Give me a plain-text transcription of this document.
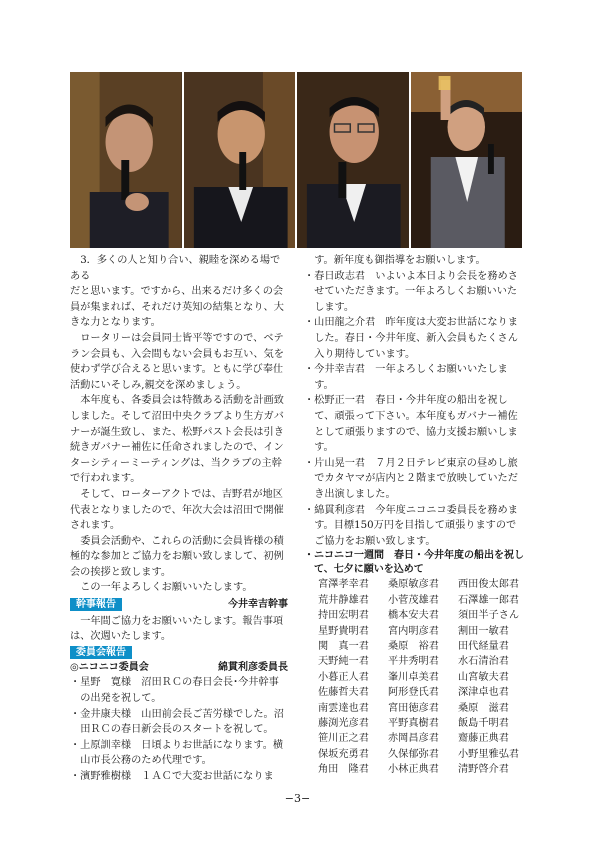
3．多くの人と知り合い、親睦を深める場である

だと思います。ですから、出来るだけ多くの会員が集まれば、それだけ英知の結集となり、大きな力となります。

ロータリーは会員同士皆平等ですので、ベテラン会員も、入会間もない会員もお互い、気を使わず学び合えると思います。ともに学び奉仕活動にいそしみ,親交を深めましょう。

本年度も、各委員会は特徴ある活動を計画致しました。そして沼田中央クラブより生方ガバナーが誕生致し、また、松野パスト会長は引き続きガバナー補佐に任命されましたので、インターシティーミーティングは、当クラブの主幹で行われます。

そして、ローターアクトでは、吉野君が地区代表となりましたので、年次大会は沼田で開催されます。

委員会活動や、これらの活動に会員皆様の積極的な参加とご協力をお願い致しまして、初例会の挨拶と致します。

この一年よろしくお願いいたします。

幹事報告	今井幸吉幹事

一年間ご協力をお願いいたします。報告事項は、次週いたします。

委員会報告
◎ニコニコ委員会	綿貫利彦委員長

・星野　寛様　沼田ＲＣの春日会長･今井幹事の出発を祝して。

・金井康夫様　山田前会長ご苦労様でした。沼田ＲＣの春日新会長のスタートを祝して。

・上原訓幸様　日頃よりお世話になります。横山市長公務のため代理です。

・濱野雅樹様　１ＡＣで大変お世話になりま

す。新年度も御指導をお願いします。

・春日政志君　いよいよ本日より会長を務めさせていただきます。一年よろしくお願いいたします。

・山田龍之介君　昨年度は大変お世話になりました。春日・今井年度、新入会員もたくさん入り期待しています。

・今井幸吉君　一年よろしくお願いいたします。

・松野正一君　春日・今井年度の船出を祝して、頑張って下さい。本年度もガバナー補佐として頑張りますので、協力支援お願いします。

・片山晃一君　７月２日テレビ東京の昼めし旅でカタヤマが店内と２階まで放映していただき出演しました。

・綿貫利彦君　今年度ニコニコ委員長を務めます。目標150万円を目指して頑張りますのでご協力をお願い致します。

・ニコニコ一週間　春日・今井年度の船出を祝して、七夕に願いを込めて

宮澤孝幸君	桑原敏彦君	西田俊太郎君
荒井静雄君	小菅茂雄君	石澤雄一郎君
持田宏明君	橋本安夫君	須田半子さん
星野貴明君	宮内明彦君	割田一敏君
関　真一君	桑原　裕君	田代経量君
天野純一君	平井秀明君	水石清治君
小暮正人君	峯川卓美君	山宮敏夫君
佐藤哲夫君	阿形登氏君	深津卓也君
南雲達也君	宮田徳彦君	桑原　滋君
藤渕光彦君	平野真樹君	飯島千明君
笹川正之君	赤岡昌彦君	齋藤正典君
保坂充勇君	久保郁弥君	小野里雅弘君
角田　隆君	小林正典君	清野啓介君
−3−
